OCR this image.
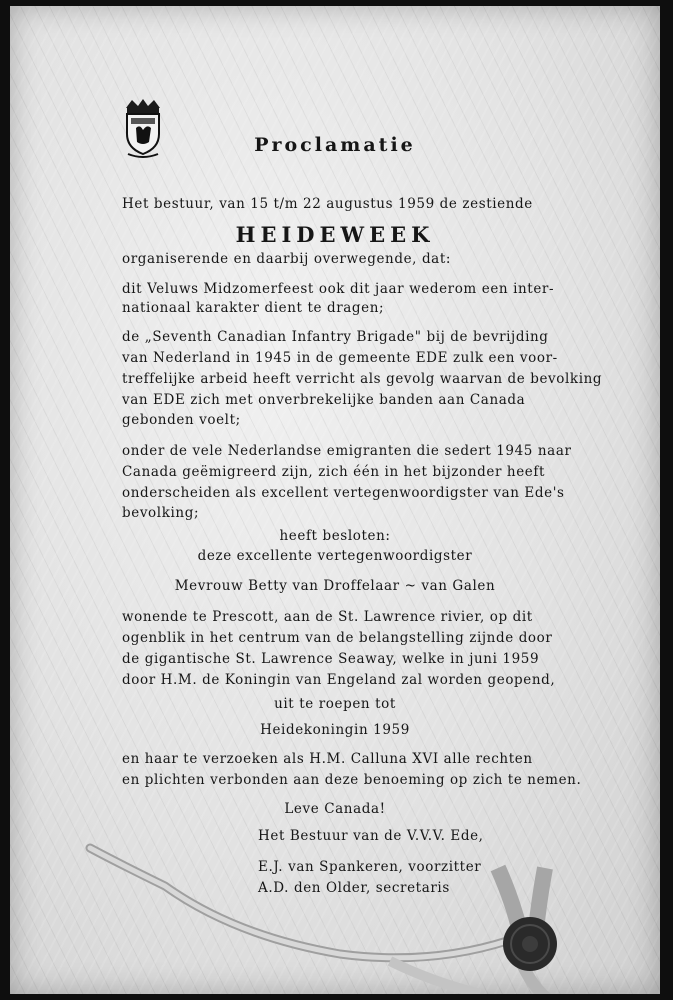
Proclamatie
Het bestuur, van 15 t/m 22 augustus 1959 de zestiende
HEIDEWEEK
organiserende en daarbij overwegende, dat:
dit Veluws Midzomerfeest ook dit jaar wederom een inter-
nationaal karakter dient te dragen;
de „Seventh Canadian Infantry Brigade" bij de bevrijding
van Nederland in 1945 in de gemeente EDE zulk een voor-
treffelijke arbeid heeft verricht als gevolg waarvan de bevolking
van EDE zich met onverbrekelijke banden aan Canada
gebonden voelt;
onder de vele Nederlandse emigranten die sedert 1945 naar
Canada geëmigreerd zijn, zich één in het bijzonder heeft
onderscheiden als excellent vertegenwoordigster van Ede's
bevolking;
heeft besloten:
deze excellente vertegenwoordigster
Mevrouw Betty van Droffelaar ~ van Galen
wonende te Prescott, aan de St. Lawrence rivier, op dit
ogenblik in het centrum van de belangstelling zijnde door
de gigantische St. Lawrence Seaway, welke in juni 1959
door H.M. de Koningin van Engeland zal worden geopend,
uit te roepen tot
Heidekoningin 1959
en haar te verzoeken als H.M. Calluna XVI alle rechten
en plichten verbonden aan deze benoeming op zich te nemen.
Leve Canada!
Het Bestuur van de V.V.V. Ede,
E.J. van Spankeren, voorzitter
A.D. den Older, secretaris
